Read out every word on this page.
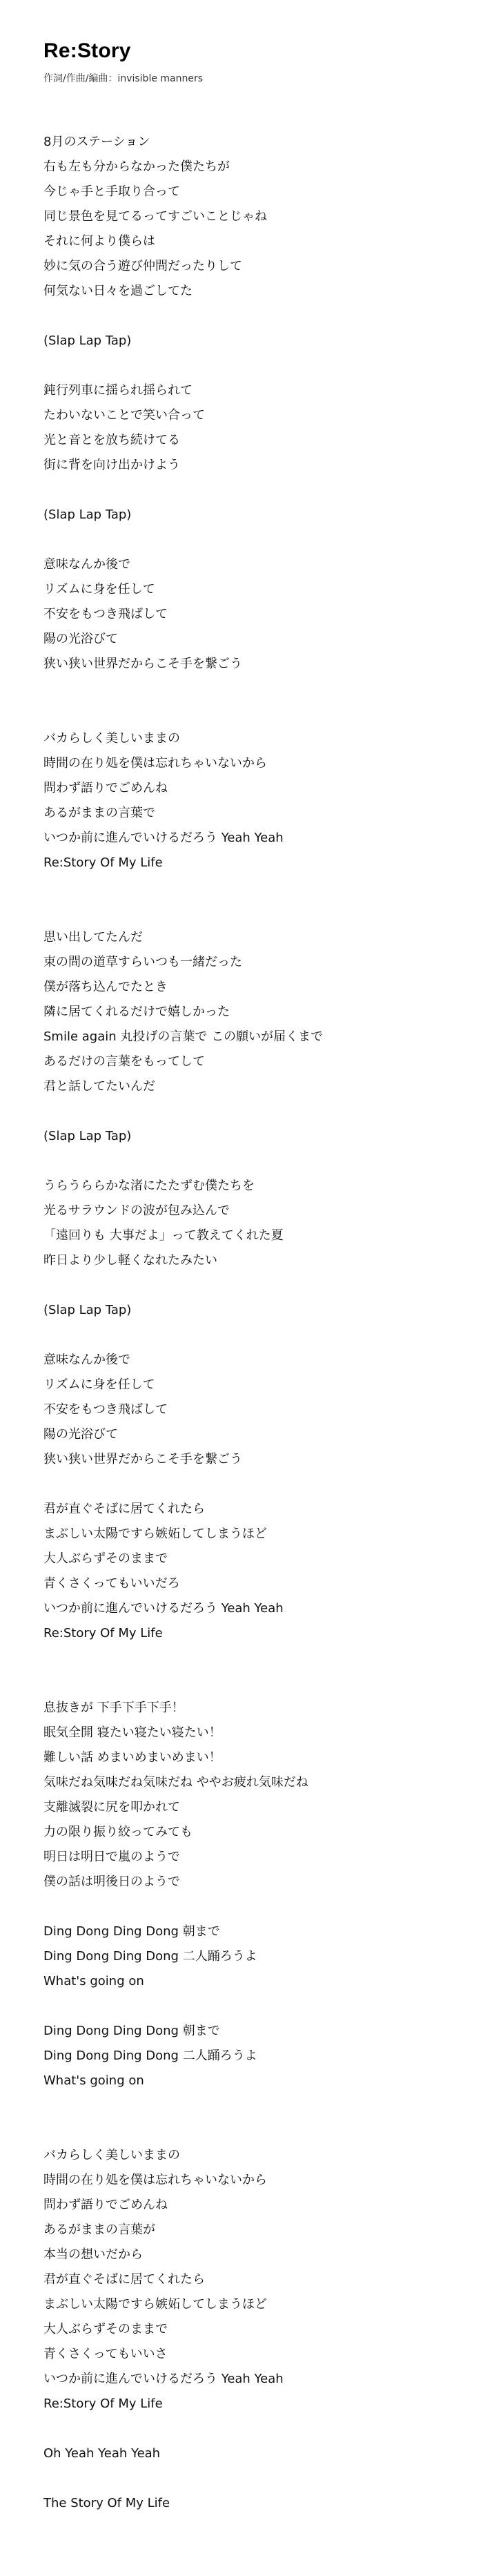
Re:Story

作詞/作曲/編曲：invisible manners

8月のステーション
右も左も分からなかった僕たちが
今じゃ手と手取り合って
同じ景色を見てるってすごいことじゃね
それに何より僕らは
妙に気の合う遊び仲間だったりして
何気ない日々を過ごしてた
(Slap Lap Tap)
鈍行列車に揺られ揺られて
たわいないことで笑い合って
光と音とを放ち続けてる
街に背を向け出かけよう
(Slap Lap Tap)
意味なんか後で
リズムに身を任して
不安をもつき飛ばして
陽の光浴びて
狭い狭い世界だからこそ手を繋ごう
バカらしく美しいままの
時間の在り処を僕は忘れちゃいないから
問わず語りでごめんね
あるがままの言葉で
いつか前に進んでいけるだろう Yeah Yeah
Re:Story Of My Life
思い出してたんだ
束の間の道草すらいつも一緒だった
僕が落ち込んでたとき
隣に居てくれるだけで嬉しかった
Smile again 丸投げの言葉で この願いが届くまで
あるだけの言葉をもってして
君と話してたいんだ
(Slap Lap Tap)
うらうららかな渚にたたずむ僕たちを
光るサラウンドの波が包み込んで
「遠回りも 大事だよ」って教えてくれた夏
昨日より少し軽くなれたみたい
(Slap Lap Tap)
意味なんか後で
リズムに身を任して
不安をもつき飛ばして
陽の光浴びて
狭い狭い世界だからこそ手を繋ごう
君が直ぐそばに居てくれたら
まぶしい太陽ですら嫉妬してしまうほど
大人ぶらずそのままで
青くさくってもいいだろ
いつか前に進んでいけるだろう Yeah Yeah
Re:Story Of My Life
息抜きが 下手下手下手！
眠気全開 寝たい寝たい寝たい！
難しい話 めまいめまいめまい！
気味だね気味だね気味だね ややお疲れ気味だね
支離滅裂に尻を叩かれて
力の限り振り絞ってみても
明日は明日で嵐のようで
僕の話は明後日のようで
Ding Dong Ding Dong 朝まで
Ding Dong Ding Dong 二人踊ろうよ
What's going on
Ding Dong Ding Dong 朝まで
Ding Dong Ding Dong 二人踊ろうよ
What's going on
バカらしく美しいままの
時間の在り処を僕は忘れちゃいないから
問わず語りでごめんね
あるがままの言葉が
本当の想いだから
君が直ぐそばに居てくれたら
まぶしい太陽ですら嫉妬してしまうほど
大人ぶらずそのままで
青くさくってもいいさ
いつか前に進んでいけるだろう Yeah Yeah
Re:Story Of My Life
Oh Yeah Yeah Yeah
The Story Of My Life
